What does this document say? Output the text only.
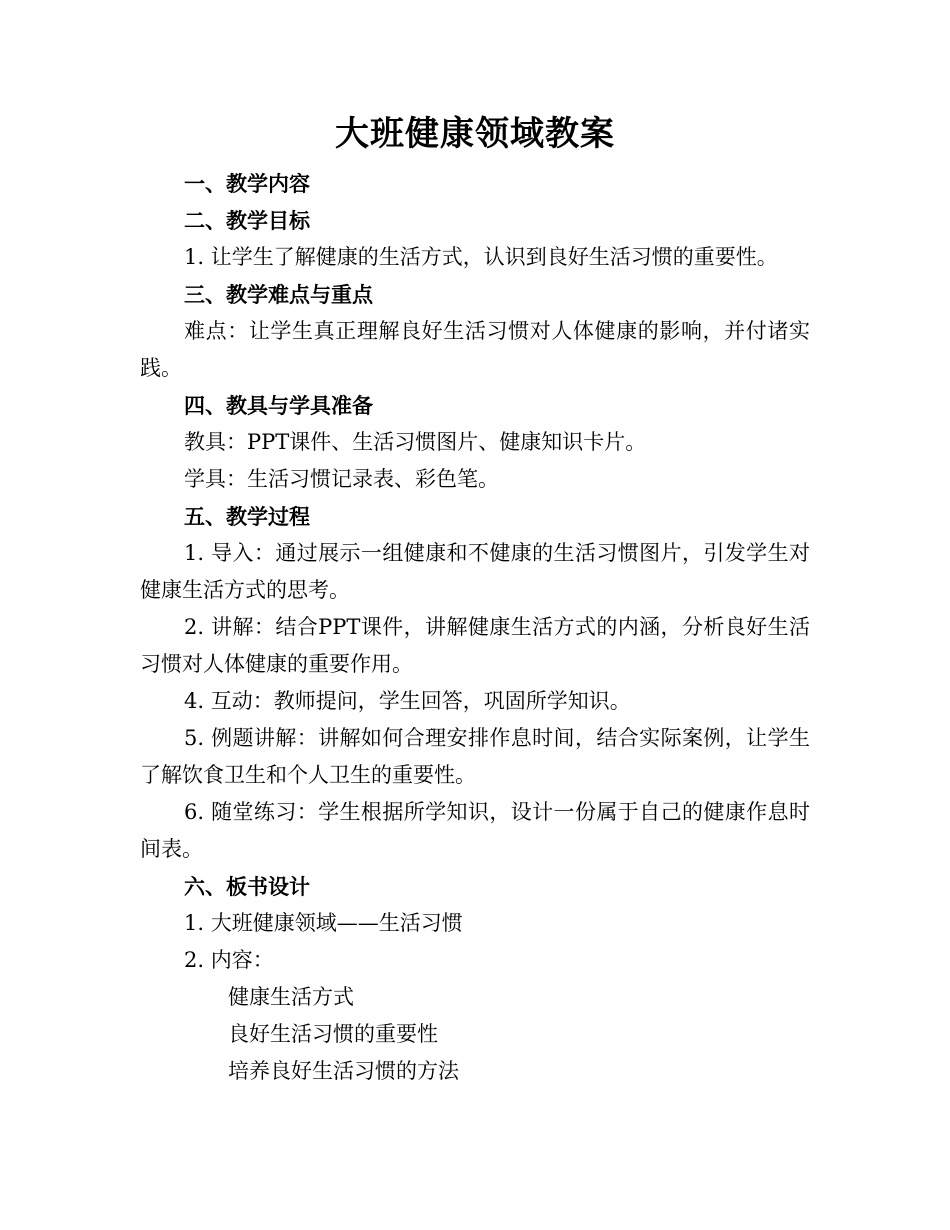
大班健康领域教案

一、教学内容

二、教学目标

1. 让学生了解健康的生活方式，认识到良好生活习惯的重要性。

三、教学难点与重点

难点：让学生真正理解良好生活习惯对人体健康的影响，并付诸实践。

四、教具与学具准备

教具：PPT课件、生活习惯图片、健康知识卡片。

学具：生活习惯记录表、彩色笔。

五、教学过程

1. 导入：通过展示一组健康和不健康的生活习惯图片，引发学生对健康生活方式的思考。

2. 讲解：结合PPT课件，讲解健康生活方式的内涵，分析良好生活习惯对人体健康的重要作用。

4. 互动：教师提问，学生回答，巩固所学知识。

5. 例题讲解：讲解如何合理安排作息时间，结合实际案例，让学生了解饮食卫生和个人卫生的重要性。

6. 随堂练习：学生根据所学知识，设计一份属于自己的健康作息时间表。

六、板书设计

1. 大班健康领域——生活习惯

2. 内容：

健康生活方式

良好生活习惯的重要性

培养良好生活习惯的方法
